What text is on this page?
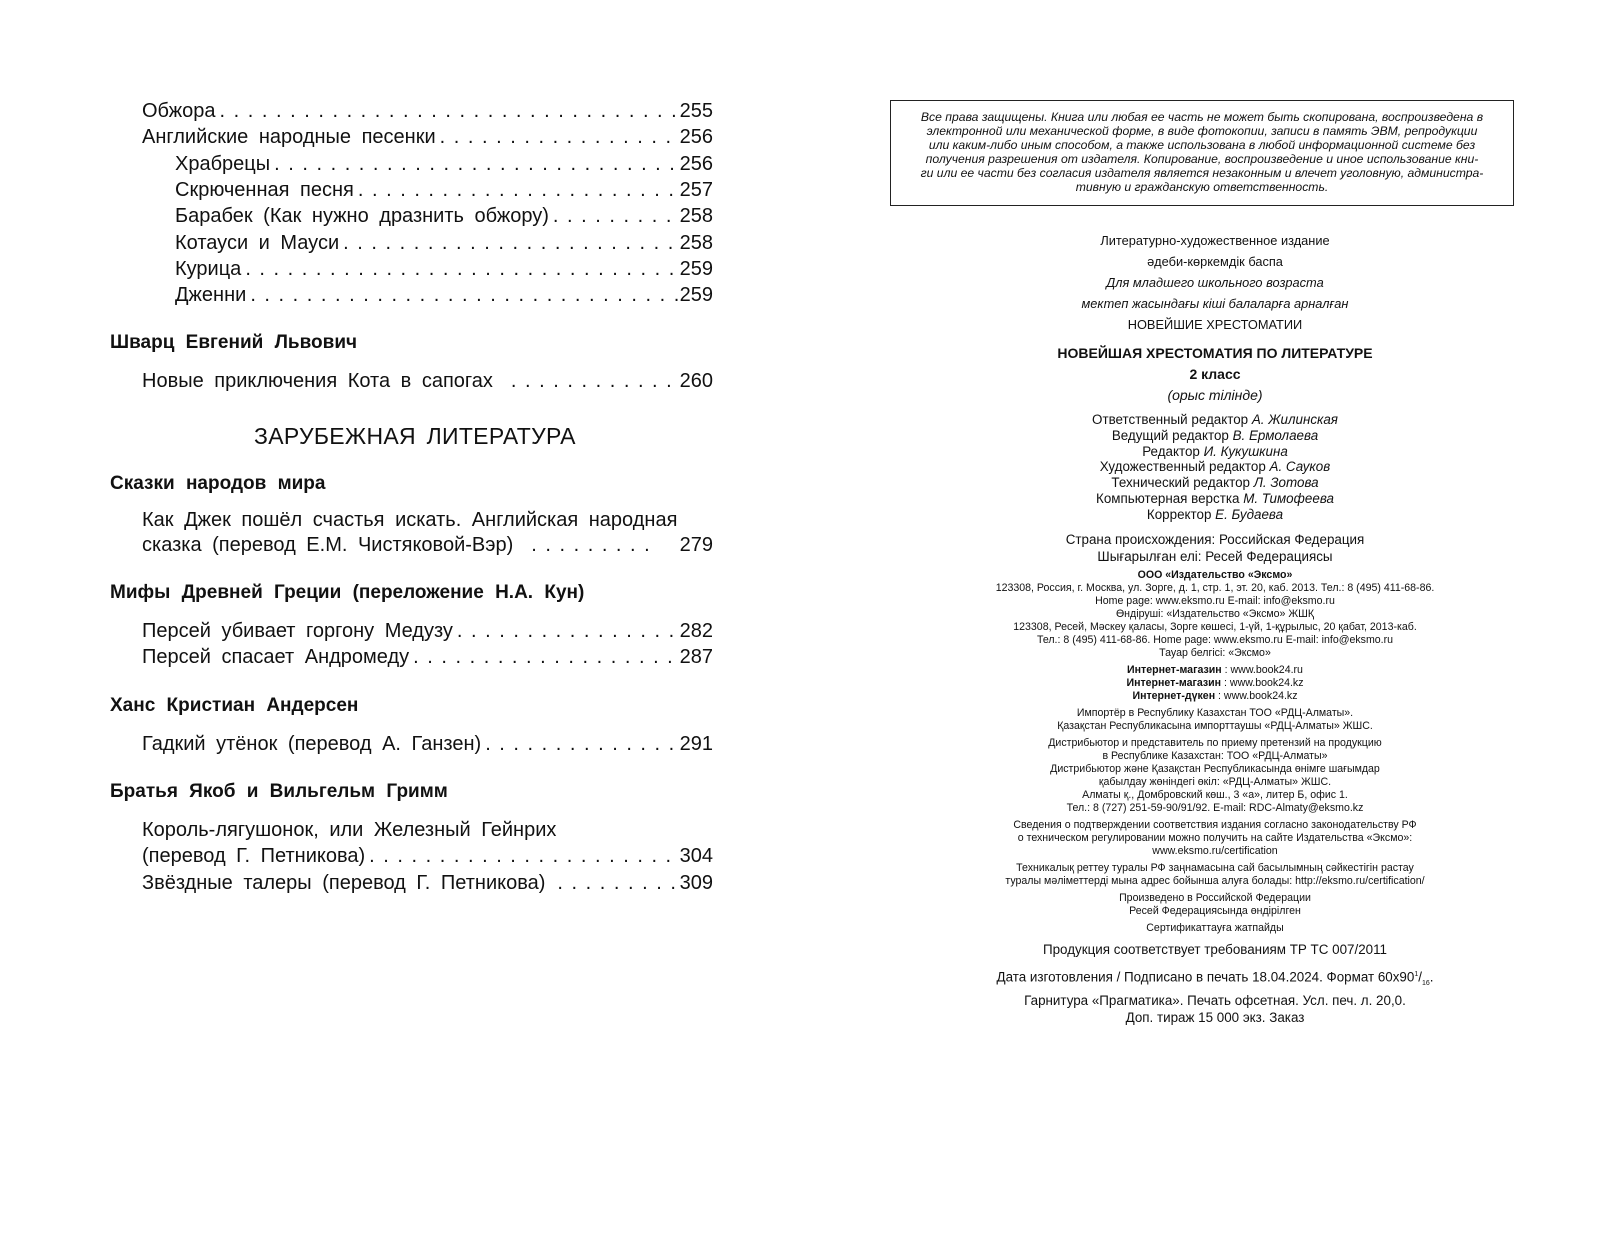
Обжора . . .	255
Английские народные песенки . . .	256
Храбрецы . . .	256
Скрюченная песня . . .	257
Барабек (Как нужно дразнить обжору) . . .	258
Котауси и Мауси . . .	258
Курица . . .	259
Дженни . . .	259
Шварц Евгений Львович
Новые приключения Кота в сапогах . . .	260
ЗАРУБЕЖНАЯ ЛИТЕРАТУРА
Сказки народов мира
Как Джек пошёл счастья искать. Английская народная
сказка (перевод Е.М. Чистяковой-Вэр) . . .	279
Мифы Древней Греции (переложение Н.А. Кун)
Персей убивает горгону Медузу . . .	282
Персей спасает Андромеду . . .	287
Ханс Кристиан Андерсен
Гадкий утёнок (перевод А. Ганзен) . . .	291
Братья Якоб и Вильгельм Гримм
Король-лягушонок, или Железный Гейнрих
(перевод Г. Петникова) . . .	304
Звёздные талеры (перевод Г. Петникова) . . .	309
Все права защищены. Книга или любая ее часть не может быть скопирована, воспроизведена в
электронной или механической форме, в виде фотокопии, записи в память ЭВМ, репродукции
или каким-либо иным способом, а также использована в любой информационной системе без
получения разрешения от издателя. Копирование, воспроизведение и иное использование кни-
ги или ее части без согласия издателя является незаконным и влечет уголовную, администра-
тивную и гражданскую ответственность.
Литературно-художественное издание
әдеби-көркемдік баспа
Для младшего школьного возраста
мектеп жасындағы кіші балаларға арналған
НОВЕЙШИЕ ХРЕСТОМАТИИ
НОВЕЙШАЯ ХРЕСТОМАТИЯ ПО ЛИТЕРАТУРЕ
2 класс
(орыс тілінде)
Ответственный редактор А. Жилинская
Ведущий редактор В. Ермолаева
Редактор И. Кукушкина
Художественный редактор А. Сауков
Технический редактор Л. Зотова
Компьютерная верстка М. Тимофеева
Корректор Е. Будаева
Страна происхождения: Российская Федерация
Шығарылған елі: Ресей Федерациясы
ООО «Издательство «Эксмо»
123308, Россия, г. Москва, ул. Зорге, д. 1, стр. 1, эт. 20, каб. 2013. Тел.: 8 (495) 411-68-86.
Home page: www.eksmo.ru E-mail: info@eksmo.ru
Өндіруші: «Издательство «Эксмо» ЖШҚ
123308, Ресей, Мәскеу қаласы, Зорге көшесі, 1-үй, 1-құрылыс, 20 қабат, 2013-каб.
Тел.: 8 (495) 411-68-86. Home page: www.eksmo.ru E-mail: info@eksmo.ru
Тауар белгісі: «Эксмо»
Интернет-магазин : www.book24.ru
Интернет-магазин : www.book24.kz
Интернет-дүкен : www.book24.kz
Импортёр в Республику Казахстан ТОО «РДЦ-Алматы».
Қазақстан Республикасына импорттаушы «РДЦ-Алматы» ЖШС.
Дистрибьютор и представитель по приему претензий на продукцию
в Республике Казахстан: ТОО «РДЦ-Алматы»
Дистрибьютор және Қазақстан Республикасында өнімге шағымдар
қабылдау жөніндегі өкіл: «РДЦ-Алматы» ЖШС.
Алматы қ., Домбровский көш., 3 «а», литер Б, офис 1.
Тел.: 8 (727) 251-59-90/91/92. E-mail: RDC-Almaty@eksmo.kz
Сведения о подтверждении соответствия издания согласно законодательству РФ
о техническом регулировании можно получить на сайте Издательства «Эксмо»:
www.eksmo.ru/certification
Техникалық реттеу туралы РФ заңнамасына сай басылымның сәйкестігін растау
туралы мәліметтерді мына адрес бойынша алуға болады: http://eksmo.ru/certification/
Произведено в Российской Федерации
Ресей Федерациясында өндірілген
Сертификаттауға жатпайды
Продукция соответствует требованиям ТР ТС 007/2011
Дата изготовления / Подписано в печать 18.04.2024. Формат $60х90^1/_{16}$.
Гарнитура «Прагматика». Печать офсетная. Усл. печ. л. 20,0.
Доп. тираж 15 000 экз. Заказ
